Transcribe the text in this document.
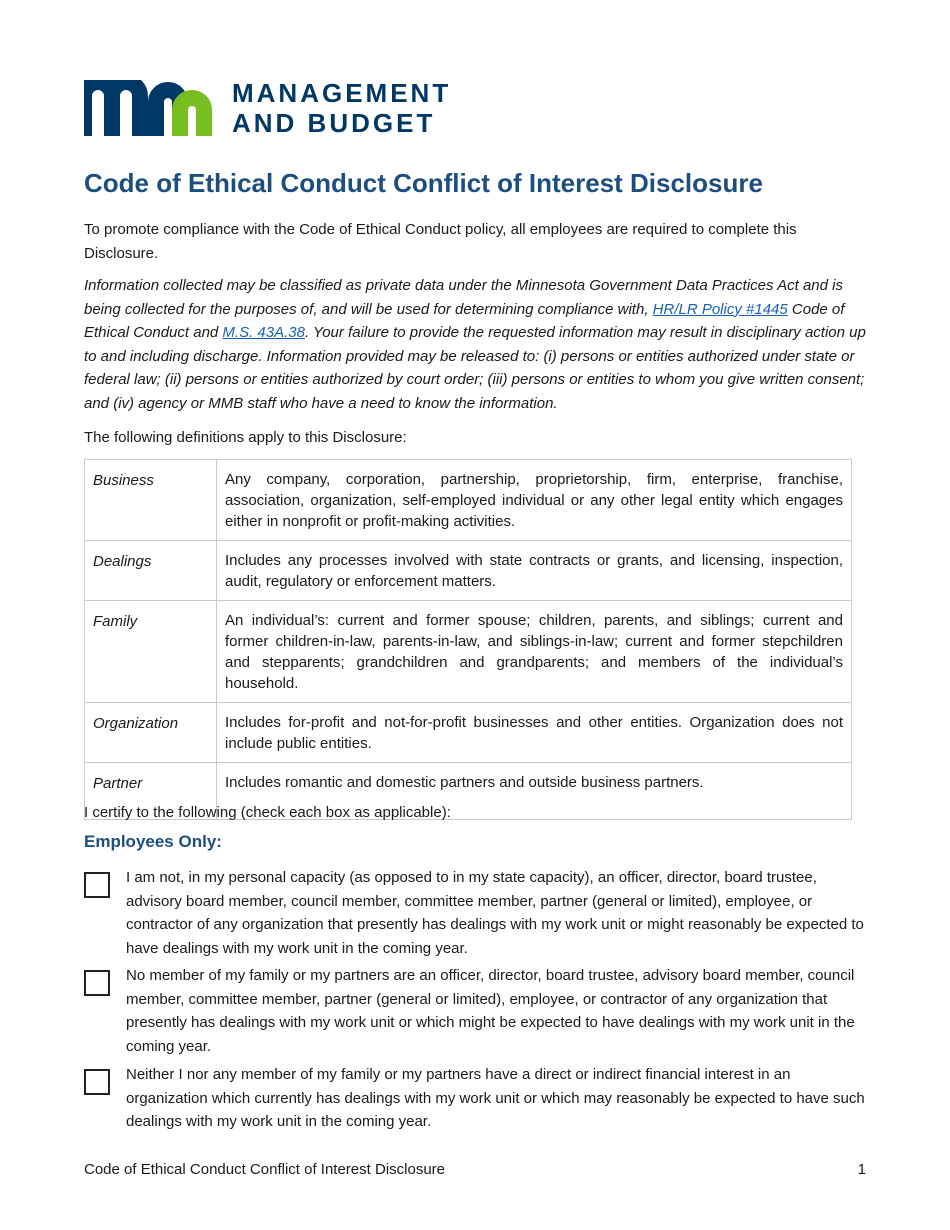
MANAGEMENT
AND BUDGET
Code of Ethical Conduct Conflict of Interest Disclosure

To promote compliance with the Code of Ethical Conduct policy, all employees are required to complete this Disclosure.

Information collected may be classified as private data under the Minnesota Government Data Practices Act and is being collected for the purposes of, and will be used for determining compliance with, HR/LR Policy #1445 Code of Ethical Conduct and M.S. 43A.38. Your failure to provide the requested information may result in disciplinary action up to and including discharge. Information provided may be released to: (i) persons or entities authorized under state or federal law; (ii) persons or entities authorized by court order; (iii) persons or entities to whom you give written consent; and (iv) agency or MMB staff who have a need to know the information.

The following definitions apply to this Disclosure:

Business	Any company, corporation, partnership, proprietorship, firm, enterprise, franchise, association, organization, self-employed individual or any other legal entity which engages either in nonprofit or profit-making activities.
Dealings	Includes any processes involved with state contracts or grants, and licensing, inspection, audit, regulatory or enforcement matters.
Family	An individual’s: current and former spouse; children, parents, and siblings; current and former children-in-law, parents-in-law, and siblings-in-law; current and former stepchildren and stepparents; grandchildren and grandparents; and members of the individual’s household.
Organization	Includes for-profit and not-for-profit businesses and other entities. Organization does not include public entities.
Partner	Includes romantic and domestic partners and outside business partners.

I certify to the following (check each box as applicable):

Employees Only:
I am not, in my personal capacity (as opposed to in my state capacity), an officer, director, board trustee, advisory board member, council member, committee member, partner (general or limited), employee, or contractor of any organization that presently has dealings with my work unit or might reasonably be expected to have dealings with my work unit in the coming year.
No member of my family or my partners are an officer, director, board trustee, advisory board member, council member, committee member, partner (general or limited), employee, or contractor of any organization that presently has dealings with my work unit or which might be expected to have dealings with my work unit in the coming year.
Neither I nor any member of my family or my partners have a direct or indirect financial interest in an organization which currently has dealings with my work unit or which may reasonably be expected to have such dealings with my work unit in the coming year.
Code of Ethical Conduct Conflict of Interest Disclosure	1
